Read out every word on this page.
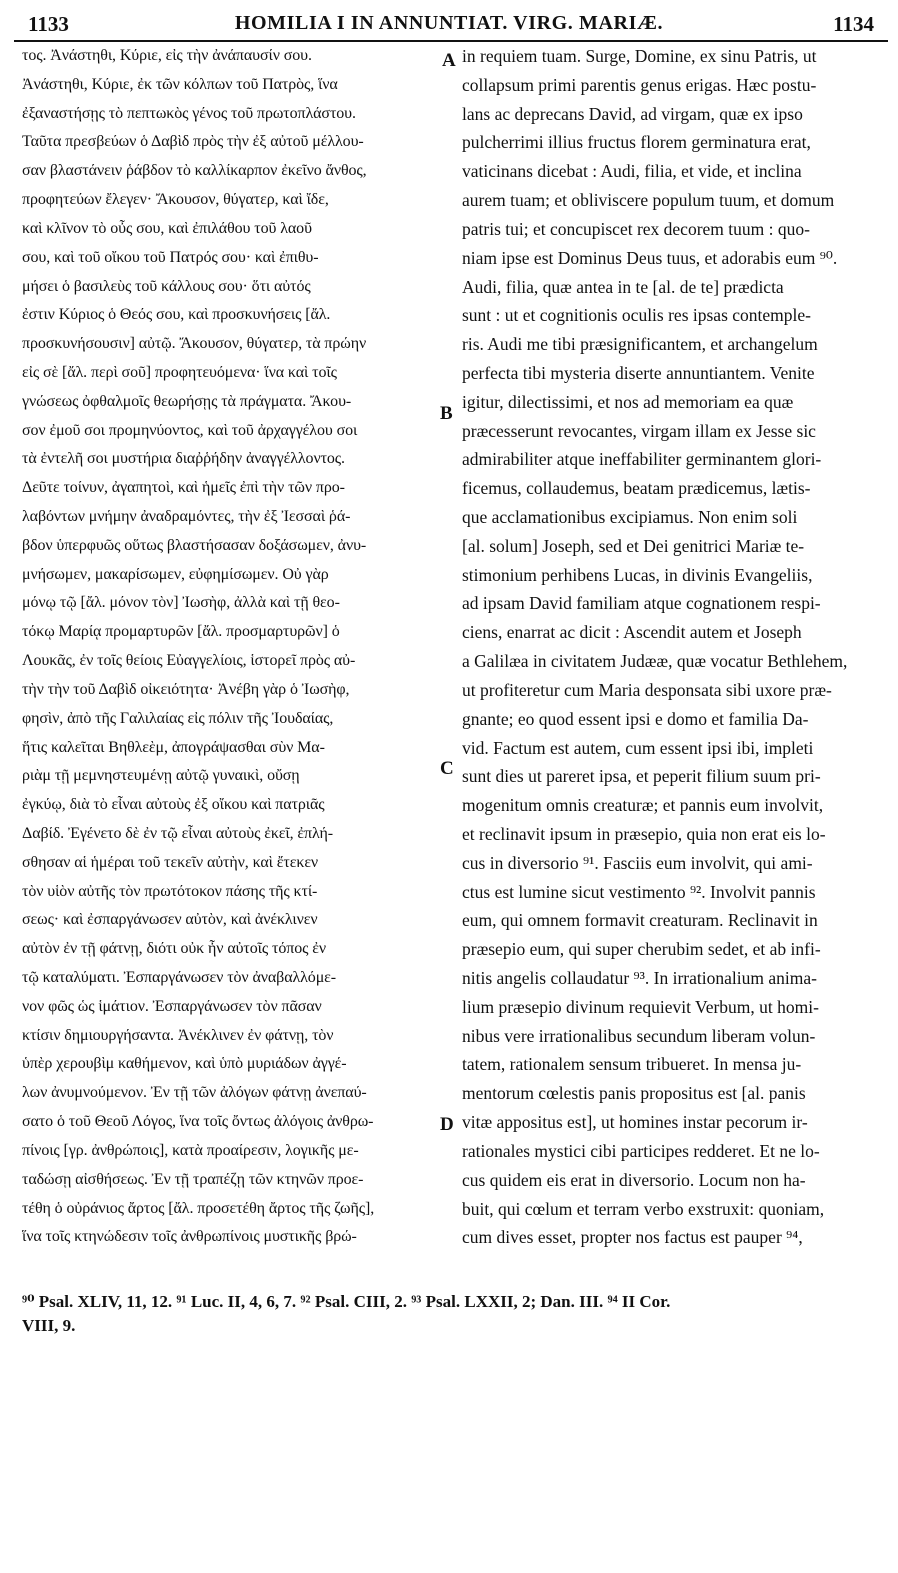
1133	HOMILIA I IN ANNUNTIAT. VIRG. MARIÆ.	1134
τος. Ἀνάστηθι, Κύριε, εἰς τὴν ἀνάπαυσίν σου.
Ἀνάστηθι, Κύριε, ἐκ τῶν κόλπων τοῦ Πατρὸς, ἵνα
ἐξαναστήσῃς τὸ πεπτωκὸς γένος τοῦ πρωτοπλάστου.
Ταῦτα πρεσβεύων ὁ Δαβὶδ πρὸς τὴν ἐξ αὐτοῦ μέλλου-
σαν βλαστάνειν ῥάβδον τὸ καλλίκαρπον ἐκεῖνο ἄνθος,
προφητεύων ἔλεγεν· Ἄκουσον, θύγατερ, καὶ ἴδε,
καὶ κλῖνον τὸ οὖς σου, καὶ ἐπιλάθου τοῦ λαοῦ
σου, καὶ τοῦ οἴκου τοῦ Πατρός σου· καὶ ἐπιθυ-
μήσει ὁ βασιλεὺς τοῦ κάλλους σου· ὅτι αὐτός
ἐστιν Κύριος ὁ Θεός σου, καὶ προσκυνήσεις [ἄλ.
προσκυνήσουσιν] αὐτῷ. Ἄκουσον, θύγατερ, τὰ πρώην
εἰς σὲ [ἄλ. περὶ σοῦ] προφητευόμενα· ἵνα καὶ τοῖς
γνώσεως ὀφθαλμοῖς θεωρήσῃς τὰ πράγματα. Ἄκου-
σον ἐμοῦ σοι προμηνύοντος, καὶ τοῦ ἀρχαγγέλου σοι
τὰ ἐντελῆ σοι μυστήρια διαῤῥήδην ἀναγγέλλοντος.
Δεῦτε τοίνυν, ἀγαπητοὶ, καὶ ἡμεῖς ἐπὶ τὴν τῶν προ-
λαβόντων μνήμην ἀναδραμόντες, τὴν ἐξ Ἰεσσαὶ ῥά-
βδον ὑπερφυῶς οὕτως βλαστήσασαν δοξάσωμεν, ἀνυ-
μνήσωμεν, μακαρίσωμεν, εὐφημίσωμεν. Οὐ γὰρ
μόνῳ τῷ [ἄλ. μόνον τὸν] Ἰωσὴφ, ἀλλὰ καὶ τῇ θεο-
τόκῳ Μαρίᾳ προμαρτυρῶν [ἄλ. προσμαρτυρῶν] ὁ
Λουκᾶς, ἐν τοῖς θείοις Εὐαγγελίοις, ἱστορεῖ πρὸς αὐ-
τὴν τὴν τοῦ Δαβὶδ οἰκειότητα· Ἀνέβη γὰρ ὁ Ἰωσὴφ,
φησὶν, ἀπὸ τῆς Γαλιλαίας εἰς πόλιν τῆς Ἰουδαίας,
ἥτις καλεῖται Βηθλεὲμ, ἀπογράψασθαι σὺν Μα-
ριὰμ τῇ μεμνηστευμένῃ αὐτῷ γυναικὶ, οὔσῃ
ἐγκύῳ, διὰ τὸ εἶναι αὐτοὺς ἐξ οἴκου καὶ πατριᾶς
Δαβίδ. Ἐγένετο δὲ ἐν τῷ εἶναι αὐτοὺς ἐκεῖ, ἐπλή-
σθησαν αἱ ἡμέραι τοῦ τεκεῖν αὐτὴν, καὶ ἔτεκεν
τὸν υἱὸν αὐτῆς τὸν πρωτότοκον πάσης τῆς κτί-
σεως· καὶ ἐσπαργάνωσεν αὐτὸν, καὶ ἀνέκλινεν
αὐτὸν ἐν τῇ φάτνῃ, διότι οὐκ ἦν αὐτοῖς τόπος ἐν
τῷ καταλύματι. Ἐσπαργάνωσεν τὸν ἀναβαλλόμε-
νον φῶς ὡς ἱμάτιον. Ἐσπαργάνωσεν τὸν πᾶσαν
κτίσιν δημιουργήσαντα. Ἀνέκλινεν ἐν φάτνῃ, τὸν
ὑπὲρ χερουβὶμ καθήμενον, καὶ ὑπὸ μυριάδων ἀγγέ-
λων ἀνυμνούμενον. Ἐν τῇ τῶν ἀλόγων φάτνῃ ἀνεπαύ-
σατο ὁ τοῦ Θεοῦ Λόγος, ἵνα τοῖς ὄντως ἀλόγοις ἀνθρω-
πίνοις [γρ. ἀνθρώποις], κατὰ προαίρεσιν, λογικῆς με-
ταδώσῃ αἰσθήσεως. Ἐν τῇ τραπέζῃ τῶν κτηνῶν προε-
τέθη ὁ οὐράνιος ἄρτος [ἄλ. προσετέθη ἄρτος τῆς ζωῆς],
ἵνα τοῖς κτηνώδεσιν τοῖς ἀνθρωπίνοις μυστικῆς βρώ-
A
B
C
D
in requiem tuam. Surge, Domine, ex sinu Patris, ut
collapsum primi parentis genus erigas. Hæc postu-
lans ac deprecans David, ad virgam, quæ ex ipso
pulcherrimi illius fructus florem germinatura erat,
vaticinans dicebat : Audi, filia, et vide, et inclina
aurem tuam; et obliviscere populum tuum, et domum
patris tui; et concupiscet rex decorem tuum : quo-
niam ipse est Dominus Deus tuus, et adorabis eum ⁹⁰.
Audi, filia, quæ antea in te [al. de te] prædicta
sunt : ut et cognitionis oculis res ipsas contemple-
ris. Audi me tibi præsignificantem, et archangelum
perfecta tibi mysteria diserte annuntiantem. Venite
igitur, dilectissimi, et nos ad memoriam ea quæ
præcesserunt revocantes, virgam illam ex Jesse sic
admirabiliter atque ineffabiliter germinantem glori-
ficemus, collaudemus, beatam prædicemus, lætis-
que acclamationibus excipiamus. Non enim soli
[al. solum] Joseph, sed et Dei genitrici Mariæ te-
stimonium perhibens Lucas, in divinis Evangeliis,
ad ipsam David familiam atque cognationem respi-
ciens, enarrat ac dicit : Ascendit autem et Joseph
a Galilæa in civitatem Judææ, quæ vocatur Bethlehem,
ut profiteretur cum Maria desponsata sibi uxore præ-
gnante; eo quod essent ipsi e domo et familia Da-
vid. Factum est autem, cum essent ipsi ibi, impleti
sunt dies ut pareret ipsa, et peperit filium suum pri-
mogenitum omnis creaturæ; et pannis eum involvit,
et reclinavit ipsum in præsepio, quia non erat eis lo-
cus in diversorio ⁹¹. Fasciis eum involvit, qui ami-
ctus est lumine sicut vestimento ⁹². Involvit pannis
eum, qui omnem formavit creaturam. Reclinavit in
præsepio eum, qui super cherubim sedet, et ab infi-
nitis angelis collaudatur ⁹³. In irrationalium anima-
lium præsepio divinum requievit Verbum, ut homi-
nibus vere irrationalibus secundum liberam volun-
tatem, rationalem sensum tribueret. In mensa ju-
mentorum cœlestis panis propositus est [al. panis
vitæ appositus est], ut homines instar pecorum ir-
rationales mystici cibi participes redderet. Et ne lo-
cus quidem eis erat in diversorio. Locum non ha-
buit, qui cœlum et terram verbo exstruxit: quoniam,
cum dives esset, propter nos factus est pauper ⁹⁴,
⁹⁰ Psal. XLIV, 11, 12. ⁹¹ Luc. II, 4, 6, 7. ⁹² Psal. CIII, 2. ⁹³ Psal. LXXII, 2; Dan. III. ⁹⁴ II Cor.
VIII, 9.
